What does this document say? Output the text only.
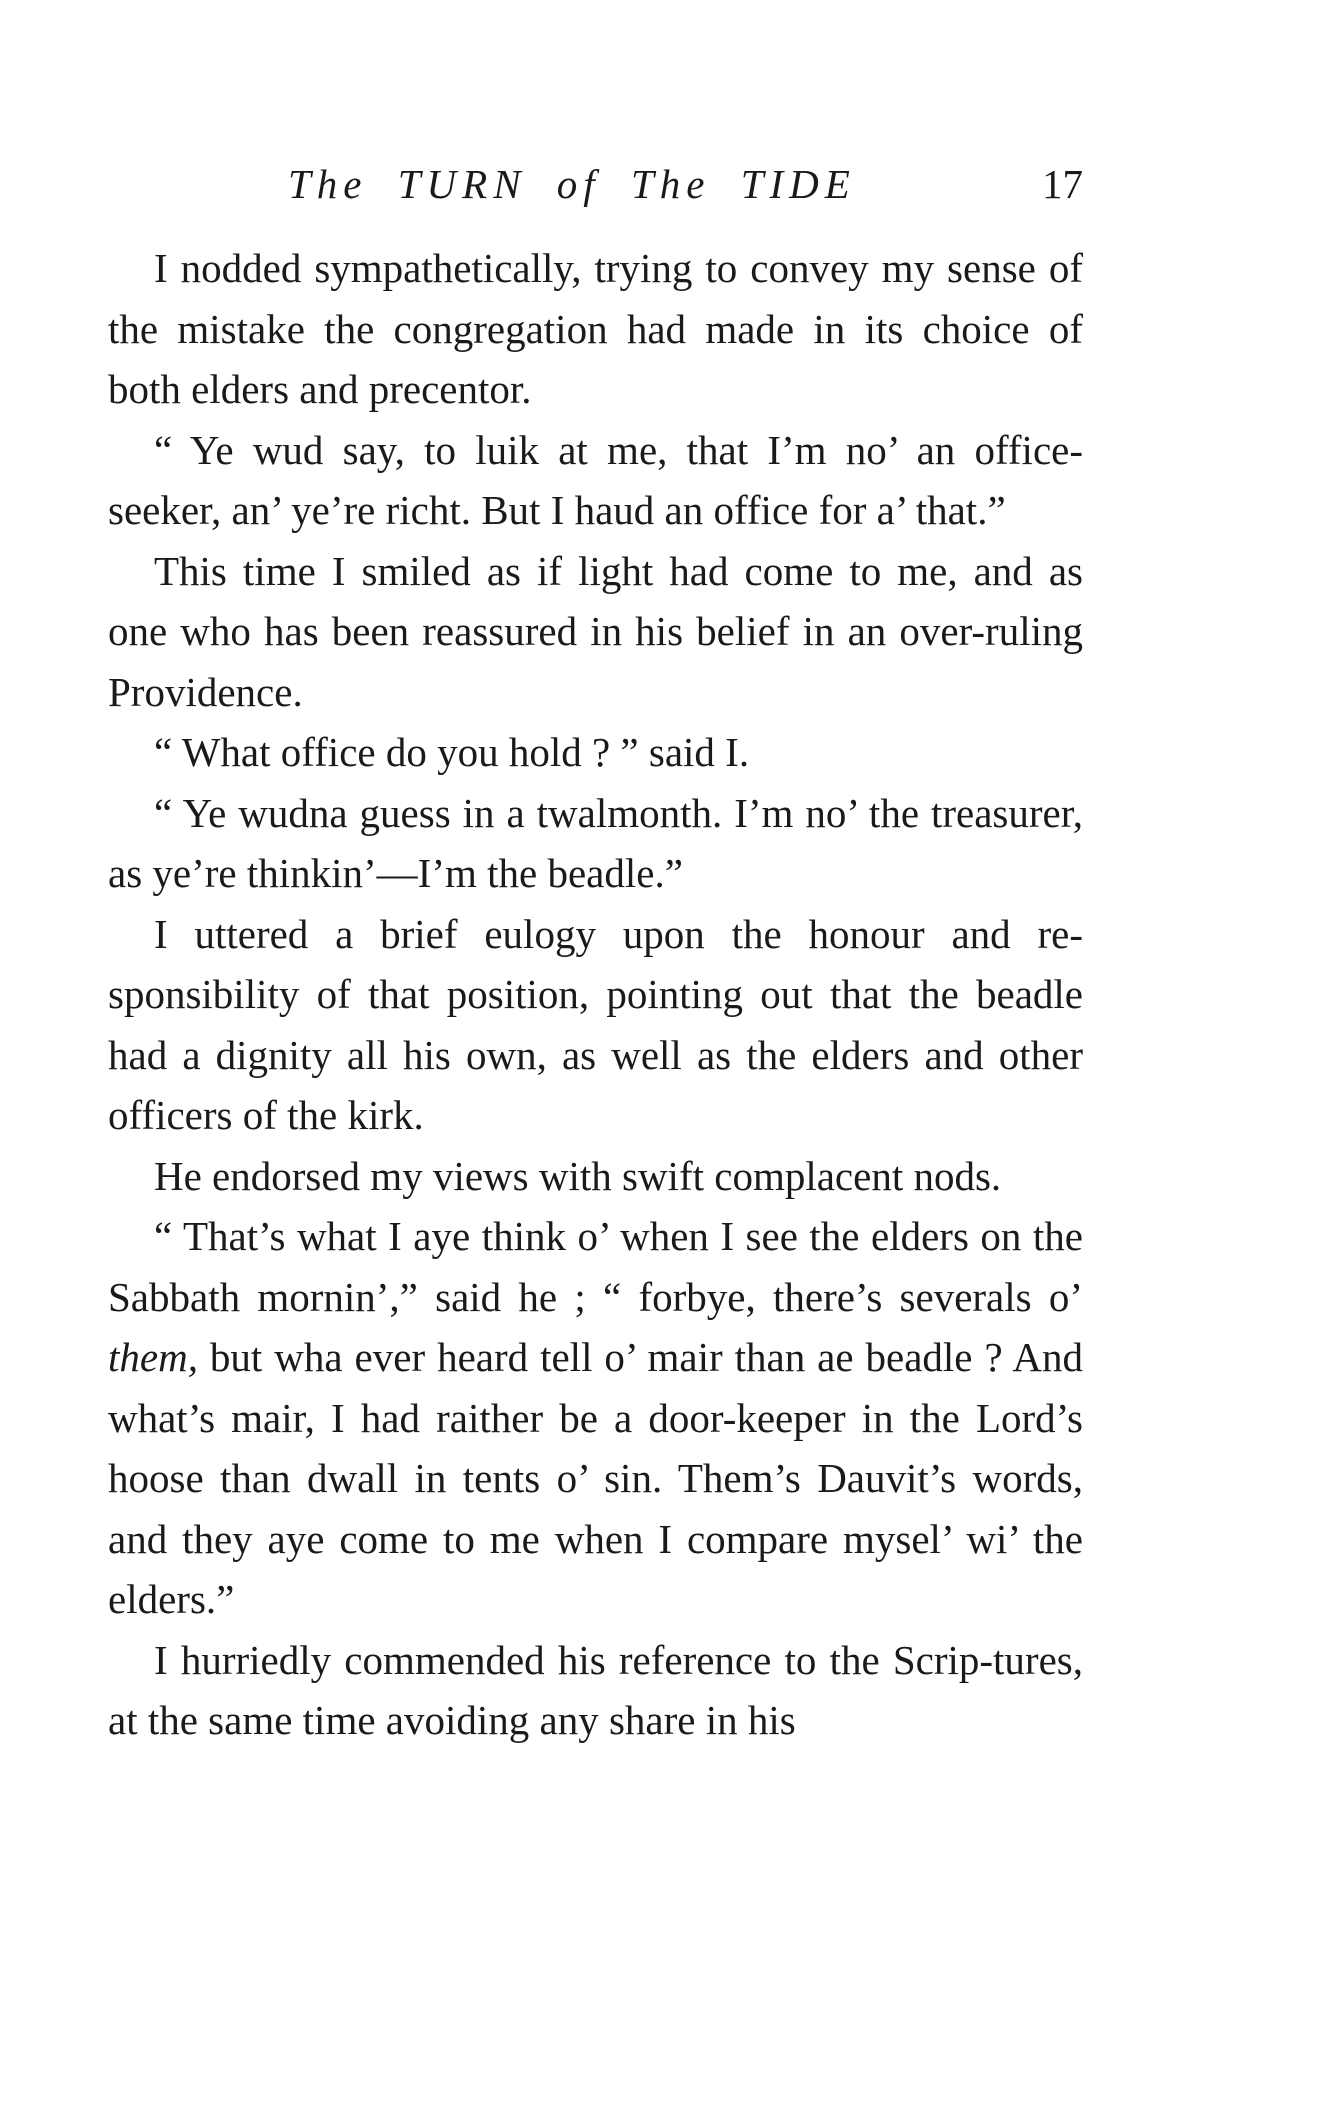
The TURN of The TIDE	17

I nodded sympathetically, trying to convey my sense of the mistake the congregation had made in its choice of both elders and precentor.

“ Ye wud say, to luik at me, that I’m no’ an office-seeker, an’ ye’re richt. But I haud an office for a’ that.”

This time I smiled as if light had come to me, and as one who has been reassured in his belief in an over-ruling Providence.

“ What office do you hold ? ” said I.

“ Ye wudna guess in a twalmonth. I’m no’ the treasurer, as ye’re thinkin’—I’m the beadle.”

I uttered a brief eulogy upon the honour and re-sponsibility of that position, pointing out that the beadle had a dignity all his own, as well as the elders and other officers of the kirk.

He endorsed my views with swift complacent nods.

“ That’s what I aye think o’ when I see the elders on the Sabbath mornin’,” said he ; “ forbye, there’s severals o’ them, but wha ever heard tell o’ mair than ae beadle ? And what’s mair, I had raither be a door-keeper in the Lord’s hoose than dwall in tents o’ sin. Them’s Dauvit’s words, and they aye come to me when I compare mysel’ wi’ the elders.”

I hurriedly commended his reference to the Scrip-tures, at the same time avoiding any share in his
